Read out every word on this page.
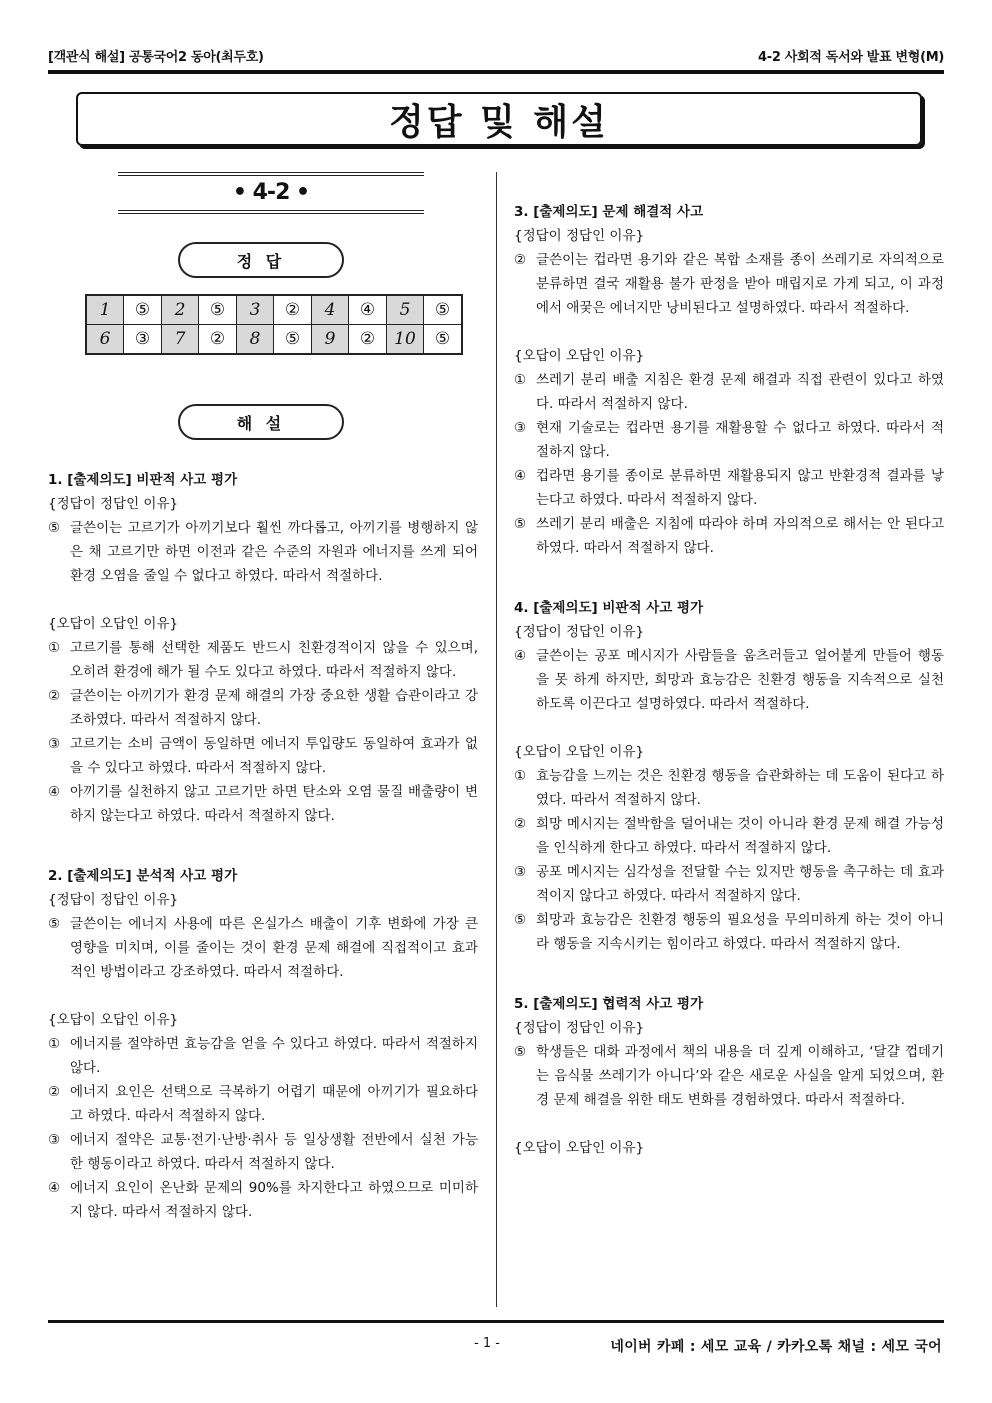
[객관식 해설] 공통국어2 동아(최두호)	4-2 사회적 독서와 발표 변형(M)
정답 및 해설
• 4-2 •
정 답
1	⑤	2	⑤	3	②	4	④	5	⑤
6	③	7	②	8	⑤	9	②	10	⑤
해 설
1. [출제의도] 비판적 사고 평가
{정답이 정답인 이유}
⑤ 글쓴이는 고르기가 아끼기보다 훨씬 까다롭고, 아끼기를 병행하지 않은 채 고르기만 하면 이전과 같은 수준의 자원과 에너지를 쓰게 되어 환경 오염을 줄일 수 없다고 하였다. 따라서 적절하다.
{오답이 오답인 이유}
① 고르기를 통해 선택한 제품도 반드시 친환경적이지 않을 수 있으며, 오히려 환경에 해가 될 수도 있다고 하였다. 따라서 적절하지 않다.
② 글쓴이는 아끼기가 환경 문제 해결의 가장 중요한 생활 습관이라고 강조하였다. 따라서 적절하지 않다.
③ 고르기는 소비 금액이 동일하면 에너지 투입량도 동일하여 효과가 없을 수 있다고 하였다. 따라서 적절하지 않다.
④ 아끼기를 실천하지 않고 고르기만 하면 탄소와 오염 물질 배출량이 변하지 않는다고 하였다. 따라서 적절하지 않다.
2. [출제의도] 분석적 사고 평가
{정답이 정답인 이유}
⑤ 글쓴이는 에너지 사용에 따른 온실가스 배출이 기후 변화에 가장 큰 영향을 미치며, 이를 줄이는 것이 환경 문제 해결에 직접적이고 효과적인 방법이라고 강조하였다. 따라서 적절하다.
{오답이 오답인 이유}
① 에너지를 절약하면 효능감을 얻을 수 있다고 하였다. 따라서 적절하지 않다.
② 에너지 요인은 선택으로 극복하기 어렵기 때문에 아끼기가 필요하다고 하였다. 따라서 적절하지 않다.
③ 에너지 절약은 교통·전기·난방·취사 등 일상생활 전반에서 실천 가능한 행동이라고 하였다. 따라서 적절하지 않다.
④ 에너지 요인이 온난화 문제의 90%를 차지한다고 하였으므로 미미하지 않다. 따라서 적절하지 않다.
3. [출제의도] 문제 해결적 사고
{정답이 정답인 이유}
② 글쓴이는 컵라면 용기와 같은 복합 소재를 종이 쓰레기로 자의적으로 분류하면 결국 재활용 불가 판정을 받아 매립지로 가게 되고, 이 과정에서 애꿎은 에너지만 낭비된다고 설명하였다. 따라서 적절하다.
{오답이 오답인 이유}
① 쓰레기 분리 배출 지침은 환경 문제 해결과 직접 관련이 있다고 하였다. 따라서 적절하지 않다.
③ 현재 기술로는 컵라면 용기를 재활용할 수 없다고 하였다. 따라서 적절하지 않다.
④ 컵라면 용기를 종이로 분류하면 재활용되지 않고 반환경적 결과를 낳는다고 하였다. 따라서 적절하지 않다.
⑤ 쓰레기 분리 배출은 지침에 따라야 하며 자의적으로 해서는 안 된다고 하였다. 따라서 적절하지 않다.
4. [출제의도] 비판적 사고 평가
{정답이 정답인 이유}
④ 글쓴이는 공포 메시지가 사람들을 움츠러들고 얼어붙게 만들어 행동을 못 하게 하지만, 희망과 효능감은 친환경 행동을 지속적으로 실천하도록 이끈다고 설명하였다. 따라서 적절하다.
{오답이 오답인 이유}
① 효능감을 느끼는 것은 친환경 행동을 습관화하는 데 도움이 된다고 하였다. 따라서 적절하지 않다.
② 희망 메시지는 절박함을 덜어내는 것이 아니라 환경 문제 해결 가능성을 인식하게 한다고 하였다. 따라서 적절하지 않다.
③ 공포 메시지는 심각성을 전달할 수는 있지만 행동을 촉구하는 데 효과적이지 않다고 하였다. 따라서 적절하지 않다.
⑤ 희망과 효능감은 친환경 행동의 필요성을 무의미하게 하는 것이 아니라 행동을 지속시키는 힘이라고 하였다. 따라서 적절하지 않다.
5. [출제의도] 협력적 사고 평가
{정답이 정답인 이유}
⑤ 학생들은 대화 과정에서 책의 내용을 더 깊게 이해하고, ‘달걀 껍데기는 음식물 쓰레기가 아니다’와 같은 새로운 사실을 알게 되었으며, 환경 문제 해결을 위한 태도 변화를 경험하였다. 따라서 적절하다.
{오답이 오답인 이유}
- 1 -	네이버 카페 : 세모 교육 / 카카오톡 채널 : 세모 국어
